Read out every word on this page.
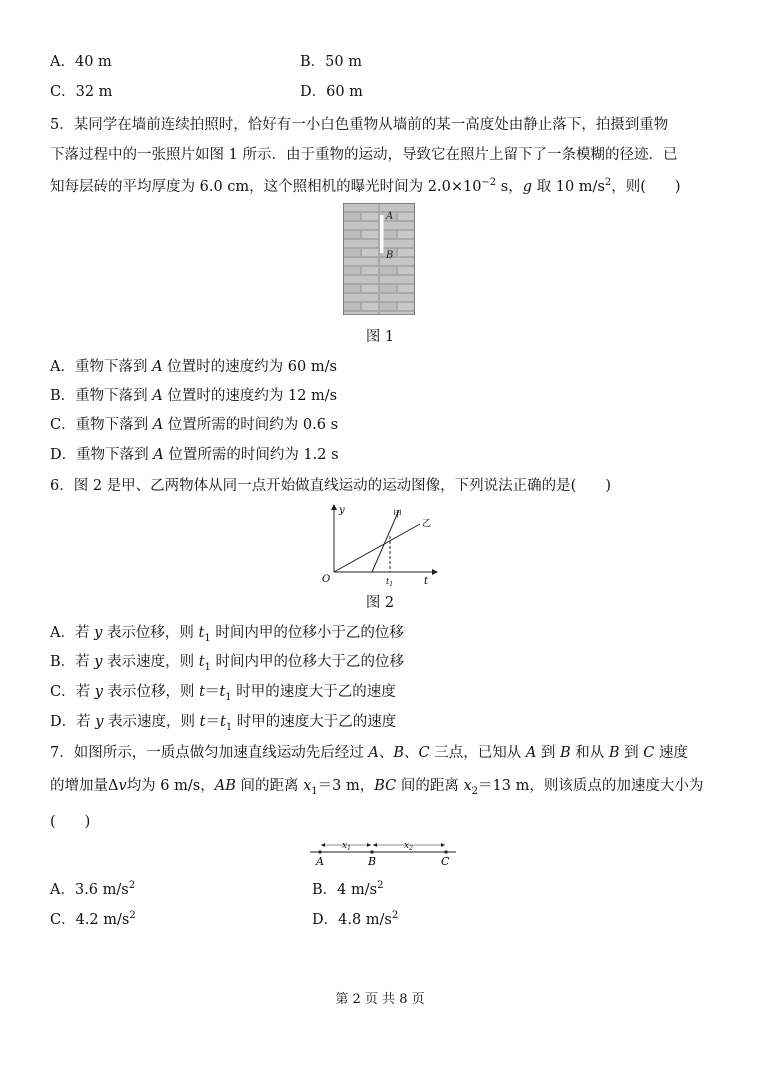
A．40 m	B．50 m
C．32 m	D．60 m
5．某同学在墙前连续拍照时，恰好有一小白色重物从墙前的某一高度处由静止落下，拍摄到重物
下落过程中的一张照片如图 1 所示．由于重物的运动，导致它在照片上留下了一条模糊的径迹．已
知每层砖的平均厚度为 6.0 cm，这个照相机的曝光时间为 $2.0\times 10^{-2}$ s，g 取 10 $m/s^2$，则(　　)
A
B
图 1
A．重物下落到 A 位置时的速度约为 60 m/s
B．重物下落到 A 位置时的速度约为 12 m/s
C．重物下落到 A 位置所需的时间约为 0.6 s
D．重物下落到 A 位置所需的时间约为 1.2 s
6．图 2 是甲、乙两物体从同一点开始做直线运动的运动图像，下列说法正确的是(　　)
y
t
O	$t_1$
甲
乙
图 2
A．若 y 表示位移，则 $t_1$ 时间内甲的位移小于乙的位移
B．若 y 表示速度，则 $t_1$ 时间内甲的位移大于乙的位移
C．若 y 表示位移，则 $t=t_1$ 时甲的速度大于乙的速度
D．若 y 表示速度，则 $t=t_1$ 时甲的速度大于乙的速度
7．如图所示，一质点做匀加速直线运动先后经过 A、B、C 三点，已知从 A 到 B 和从 B 到 C 速度
的增加量Δv均为 6 m/s，AB 间的距离 $x_1=3$ m，BC 间的距离 $x_2=13$ m，则该质点的加速度大小为
(　　)
$x_1$	$x_2$
A	B	C
A．3.6 $m/s^2$	B．4 $m/s^2$
C．4.2 $m/s^2$	D．4.8 $m/s^2$
第 2 页 共 8 页
